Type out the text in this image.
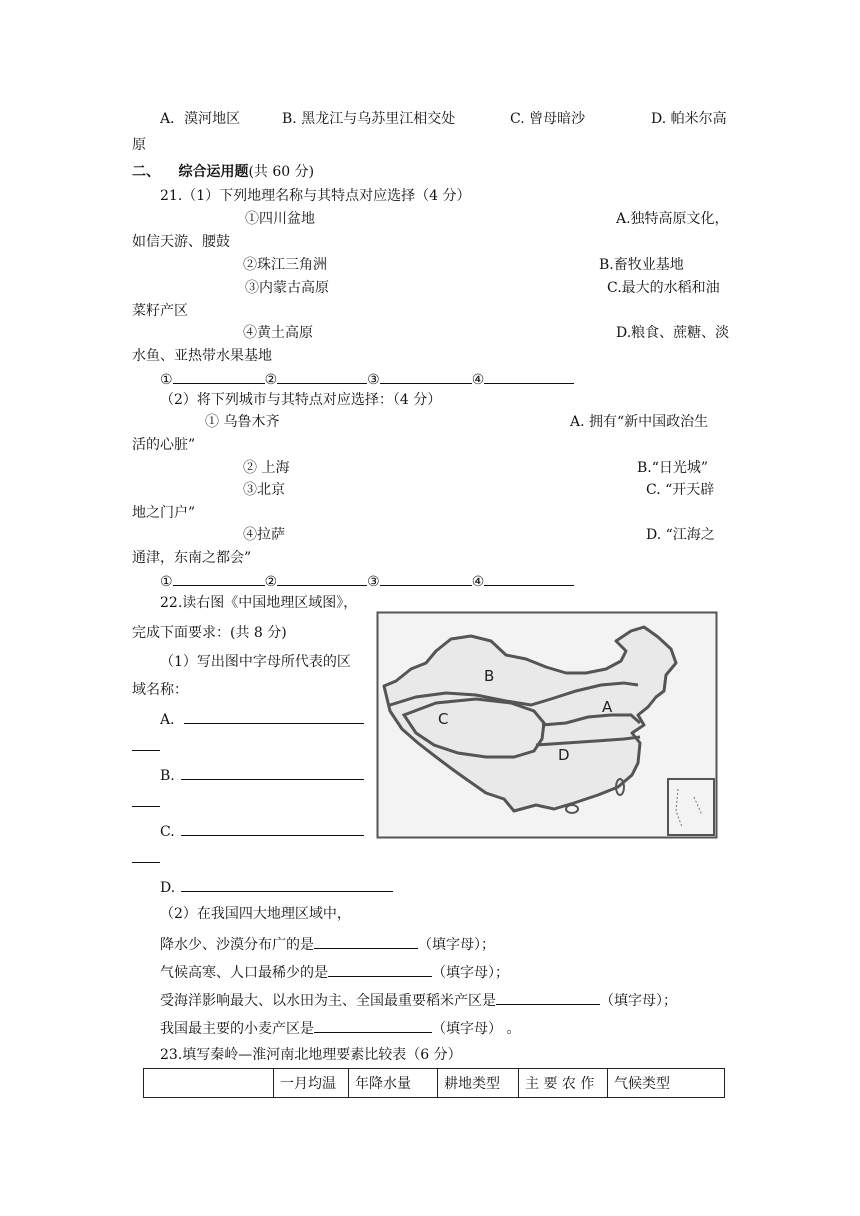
A．漠河地区	B. 黑龙江与乌苏里江相交处	C. 曾母暗沙	D. 帕米尔高
原
二、 综合运用题(共 60 分)
21.（1）下列地理名称与其特点对应选择（4 分）
①四川盆地	A.独特高原文化，
如信天游、腰鼓
②珠江三角洲	B.畜牧业基地
③内蒙古高原	C.最大的水稻和油
菜籽产区
④黄土高原	D.粮食、蔗糖、淡
水鱼、亚热带水果基地
①	②	③	④
（2）将下列城市与其特点对应选择：（4 分）
① 乌鲁木齐	A. 拥有“新中国政治生
活的心脏”
② 上海	B.“日光城”
③北京	C. “开天辟
地之门户”
④拉萨	D. “江海之
通津，东南之都会”
①	②	③	④
22.读右图《中国地理区域图》，
完成下面要求：(共 8 分)
（1）写出图中字母所代表的区
域名称：
A．
B.
C.
D.
A
B
C
D
（2）在我国四大地理区域中，
降水少、沙漠分布广的是	（填字母）；
气候高寒、人口最稀少的是	（填字母）；
受海洋影响最大、以水田为主、全国最重要稻米产区是	（填字母）；
我国最主要的小麦产区是	（填字母） 。
23.填写秦岭—淮河南北地理要素比较表（6 分）
	一月均温	年降水量	耕地类型	主 要 农 作	气候类型
